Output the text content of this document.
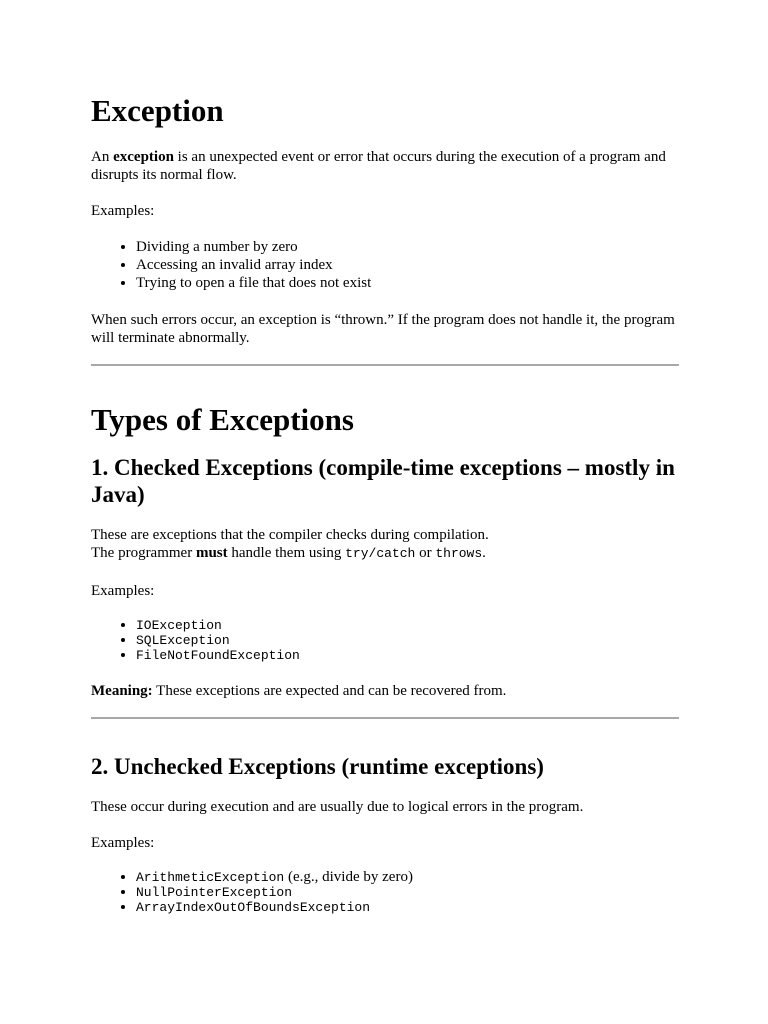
Exception

An exception is an unexpected event or error that occurs during the execution of a program and disrupts its normal flow.

Examples:

• Dividing a number by zero
• Accessing an invalid array index
• Trying to open a file that does not exist

When such errors occur, an exception is “thrown.” If the program does not handle it, the program will terminate abnormally.

Types of Exceptions
1. Checked Exceptions (compile-time exceptions – mostly in Java)

These are exceptions that the compiler checks during compilation.
The programmer must handle them using try/catch or throws.

Examples:

• IOException
• SQLException
• FileNotFoundException

Meaning: These exceptions are expected and can be recovered from.

2. Unchecked Exceptions (runtime exceptions)

These occur during execution and are usually due to logical errors in the program.

Examples:

• ArithmeticException (e.g., divide by zero)
• NullPointerException
• ArrayIndexOutOfBoundsException
